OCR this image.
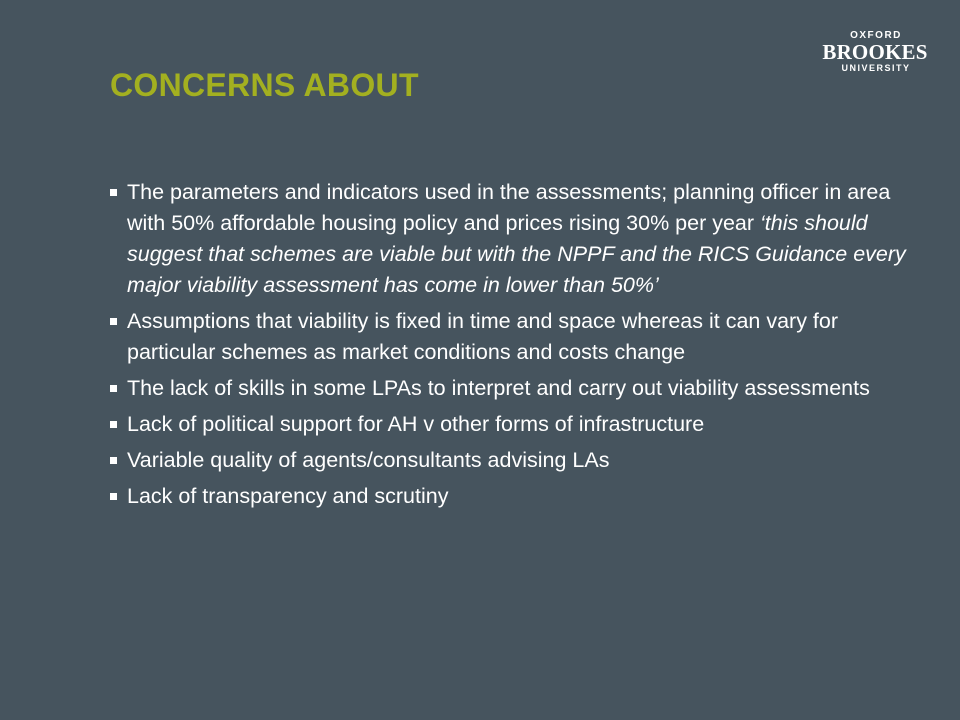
OXFORD
BROOKES
UNIVERSITY
CONCERNS ABOUT
The parameters and indicators used in the assessments; planning officer in area with 50% affordable housing policy and prices rising 30% per year ‘this should suggest that schemes are viable but with the NPPF and the RICS Guidance every major viability assessment has come in lower than 50%’
Assumptions that viability is fixed in time and space whereas it can vary for particular schemes as market conditions and costs change
The lack of skills in some LPAs to interpret and carry out viability assessments
Lack of political support for AH v other forms of infrastructure
Variable quality of agents/consultants advising LAs
Lack of transparency and scrutiny
